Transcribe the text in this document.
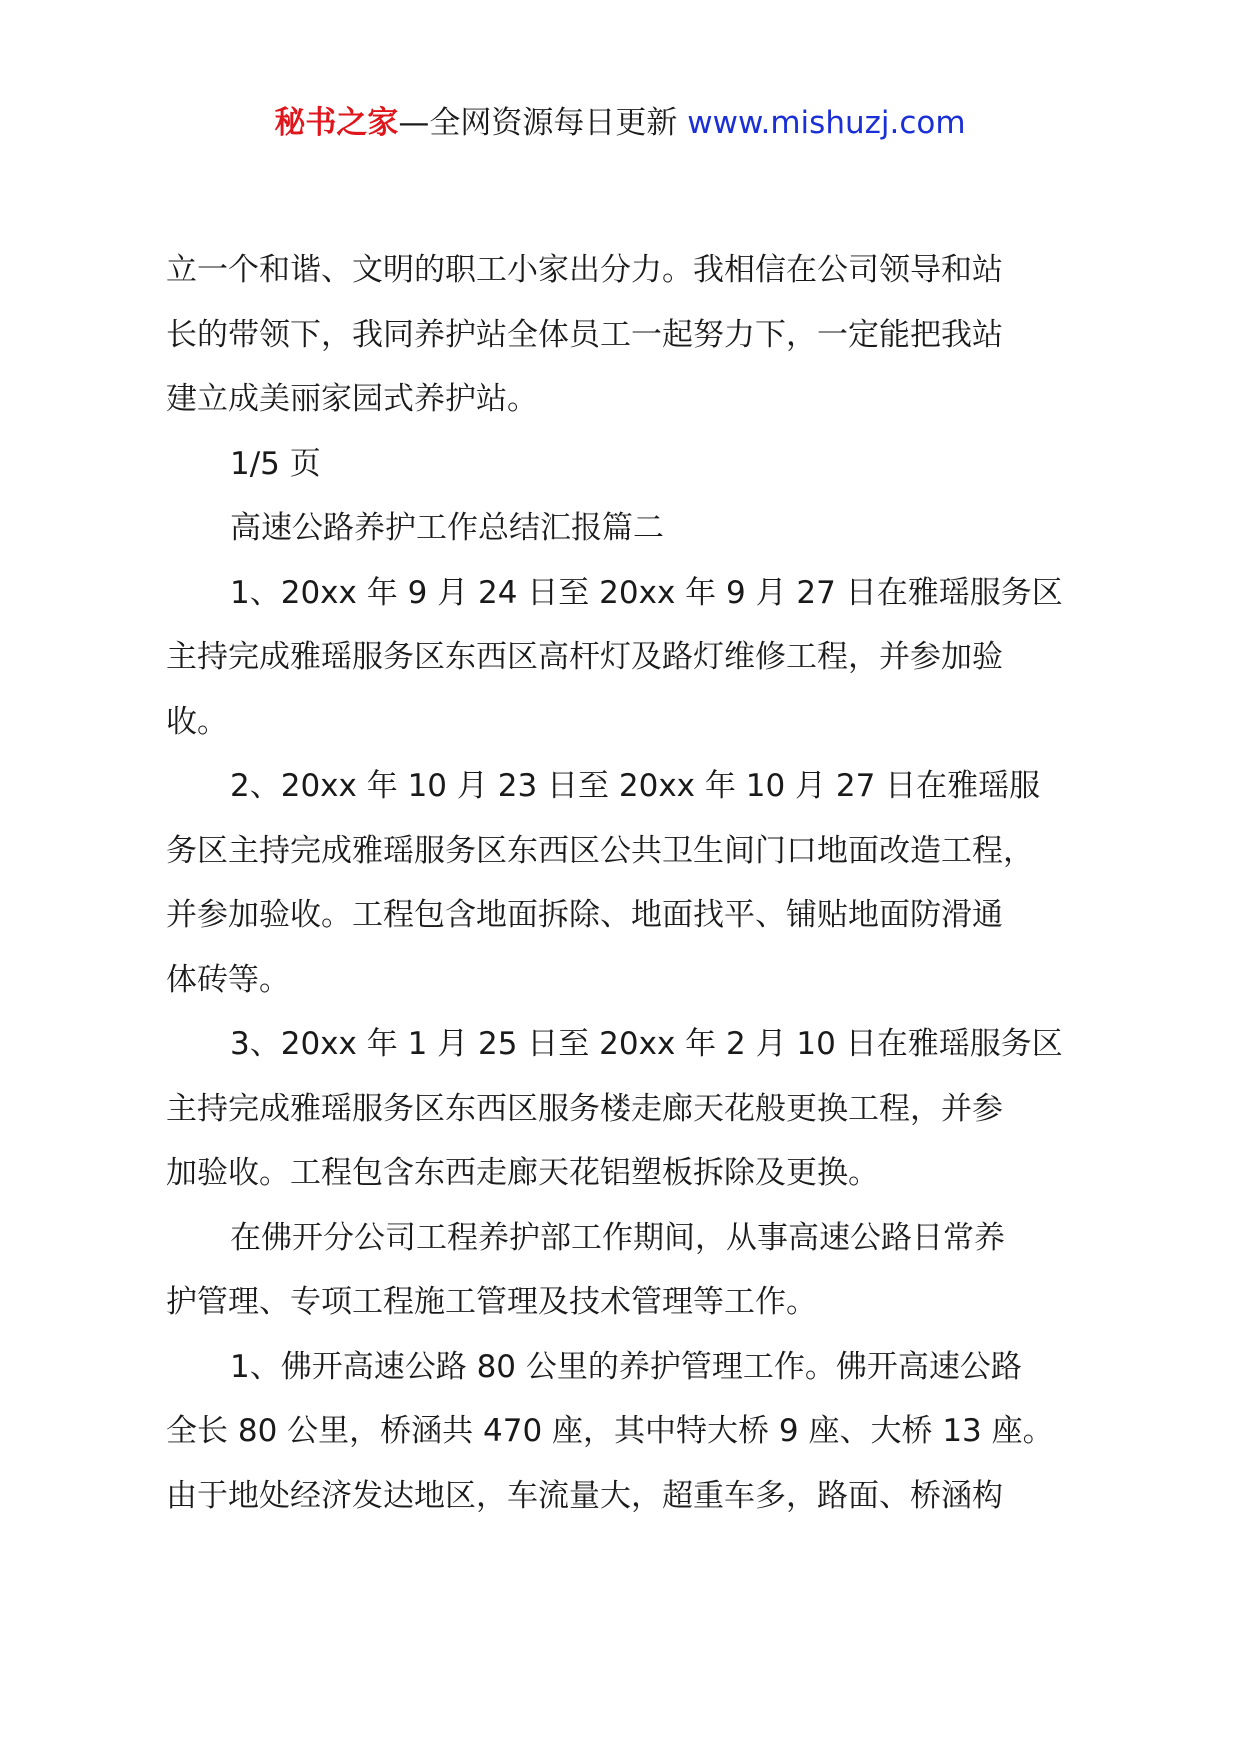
秘书之家—全网资源每日更新 www.mishuzj.com

立一个和谐、文明的职工小家出分力。我相信在公司领导和站

长的带领下，我同养护站全体员工一起努力下，一定能把我站

建立成美丽家园式养护站。

1/5 页

高速公路养护工作总结汇报篇二

1、20xx 年 9 月 24 日至 20xx 年 9 月 27 日在雅瑶服务区

主持完成雅瑶服务区东西区高杆灯及路灯维修工程，并参加验

收。

2、20xx 年 10 月 23 日至 20xx 年 10 月 27 日在雅瑶服

务区主持完成雅瑶服务区东西区公共卫生间门口地面改造工程，

并参加验收。工程包含地面拆除、地面找平、铺贴地面防滑通

体砖等。

3、20xx 年 1 月 25 日至 20xx 年 2 月 10 日在雅瑶服务区

主持完成雅瑶服务区东西区服务楼走廊天花般更换工程，并参

加验收。工程包含东西走廊天花铝塑板拆除及更换。

在佛开分公司工程养护部工作期间，从事高速公路日常养

护管理、专项工程施工管理及技术管理等工作。

1、佛开高速公路 80 公里的养护管理工作。佛开高速公路

全长 80 公里，桥涵共 470 座，其中特大桥 9 座、大桥 13 座。

由于地处经济发达地区，车流量大，超重车多，路面、桥涵构
